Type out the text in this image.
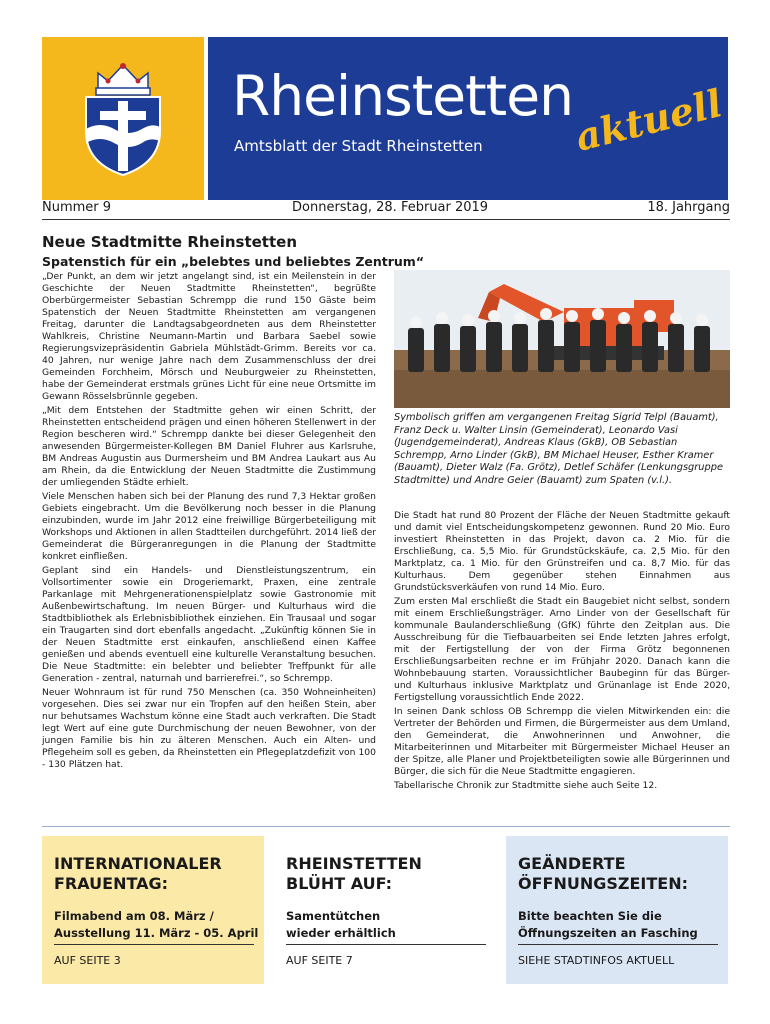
Rheinstetten
Amtsblatt der Stadt Rheinstetten aktuell
Nummer 9	Donnerstag, 28. Februar 2019	18. Jahrgang
Neue Stadtmitte Rheinstetten
Spatenstich für ein „belebtes und beliebtes Zentrum“

„Der Punkt, an dem wir jetzt angelangt sind, ist ein Meilenstein in der Geschichte der Neuen Stadtmitte Rheinstetten“, begrüßte Oberbürgermeister Sebastian Schrempp die rund 150 Gäste beim Spatenstich der Neuen Stadtmitte Rheinstetten am vergangenen Freitag, darunter die Landtagsabgeordneten aus dem Rheinstetter Wahlkreis, Christine Neumann-Martin und Barbara Saebel sowie Regierungsvizepräsidentin Gabriela Mühlstädt-Grimm. Bereits vor ca. 40 Jahren, nur wenige Jahre nach dem Zusammenschluss der drei Gemeinden Forchheim, Mörsch und Neuburgweier zu Rheinstetten, habe der Gemeinderat erstmals grünes Licht für eine neue Ortsmitte im Gewann Rösselsbrünnle gegeben.

„Mit dem Entstehen der Stadtmitte gehen wir einen Schritt, der Rheinstetten entscheidend prägen und einen höheren Stellenwert in der Region bescheren wird.“ Schrempp dankte bei dieser Gelegenheit den anwesenden Bürgermeister-Kollegen BM Daniel Fluhrer aus Karlsruhe, BM Andreas Augustin aus Durmersheim und BM Andrea Laukart aus Au am Rhein, da die Entwicklung der Neuen Stadtmitte die Zustimmung der umliegenden Städte erhielt.

Viele Menschen haben sich bei der Planung des rund 7,3 Hektar großen Gebiets eingebracht. Um die Bevölkerung noch besser in die Planung einzubinden, wurde im Jahr 2012 eine freiwillige Bürgerbeteiligung mit Workshops und Aktionen in allen Stadtteilen durchgeführt. 2014 ließ der Gemeinderat die Bürgeranregungen in die Planung der Stadtmitte konkret einfließen.

Geplant sind ein Handels- und Dienstleistungszentrum, ein Vollsortimenter sowie ein Drogeriemarkt, Praxen, eine zentrale Parkanlage mit Mehrgenerationenspielplatz sowie Gastronomie mit Außenbewirtschaftung. Im neuen Bürger- und Kulturhaus wird die Stadtbibliothek als Erlebnisbibliothek einziehen. Ein Trausaal und sogar ein Traugarten sind dort ebenfalls angedacht. „Zukünftig können Sie in der Neuen Stadtmitte erst einkaufen, anschließend einen Kaffee genießen und abends eventuell eine kulturelle Veranstaltung besuchen. Die Neue Stadtmitte: ein belebter und beliebter Treffpunkt für alle Generation - zentral, naturnah und barrierefrei.“, so Schrempp.

Neuer Wohnraum ist für rund 750 Menschen (ca. 350 Wohneinheiten) vorgesehen. Dies sei zwar nur ein Tropfen auf den heißen Stein, aber nur behutsames Wachstum könne eine Stadt auch verkraften. Die Stadt legt Wert auf eine gute Durchmischung der neuen Bewohner, von der jungen Familie bis hin zu älteren Menschen. Auch ein Alten- und Pflegeheim soll es geben, da Rheinstetten ein Pflegeplatzdefizit von 100 - 130 Plätzen hat.

Symbolisch griffen am vergangenen Freitag Sigrid Telpl (Bauamt), Franz Deck u. Walter Linsin (Gemeinderat), Leonardo Vasi (Jugendgemeinderat), Andreas Klaus (GkB), OB Sebastian Schrempp, Arno Linder (GkB), BM Michael Heuser, Esther Kramer (Bauamt), Dieter Walz (Fa. Grötz), Detlef Schäfer (Lenkungsgruppe Stadtmitte) und Andre Geier (Bauamt) zum Spaten (v.l.).

Die Stadt hat rund 80 Prozent der Fläche der Neuen Stadtmitte gekauft und damit viel Entscheidungskompetenz gewonnen. Rund 20 Mio. Euro investiert Rheinstetten in das Projekt, davon ca. 2 Mio. für die Erschließung, ca. 5,5 Mio. für Grundstückskäufe, ca. 2,5 Mio. für den Marktplatz, ca. 1 Mio. für den Grünstreifen und ca. 8,7 Mio. für das Kulturhaus. Dem gegenüber stehen Einnahmen aus Grundstücksverkäufen von rund 14 Mio. Euro.

Zum ersten Mal erschließt die Stadt ein Baugebiet nicht selbst, sondern mit einem Erschließungsträger. Arno Linder von der Gesellschaft für kommunale Baulanderschließung (GfK) führte den Zeitplan aus. Die Ausschreibung für die Tiefbauarbeiten sei Ende letzten Jahres erfolgt, mit der Fertigstellung der von der Firma Grötz begonnenen Erschließungsarbeiten rechne er im Frühjahr 2020. Danach kann die Wohnbebauung starten. Voraussichtlicher Baubeginn für das Bürger- und Kulturhaus inklusive Marktplatz und Grünanlage ist Ende 2020, Fertigstellung voraussichtlich Ende 2022.

In seinen Dank schloss OB Schrempp die vielen Mitwirkenden ein: die Vertreter der Behörden und Firmen, die Bürgermeister aus dem Umland, den Gemeinderat, die Anwohnerinnen und Anwohner, die Mitarbeiterinnen und Mitarbeiter mit Bürgermeister Michael Heuser an der Spitze, alle Planer und Projektbeteiligten sowie alle Bürgerinnen und Bürger, die sich für die Neue Stadtmitte engagieren.

Tabellarische Chronik zur Stadtmitte siehe auch Seite 12.

INTERNATIONALER
FRAUENTAG:
Filmabend am 08. März /
Ausstellung 11. März - 05. April
AUF SEITE 3
RHEINSTETTEN
BLÜHT AUF:
Samentütchen
wieder erhältlich
AUF SEITE 7
GEÄNDERTE
ÖFFNUNGSZEITEN:
Bitte beachten Sie die
Öffnungszeiten an Fasching
SIEHE STADTINFOS AKTUELL
